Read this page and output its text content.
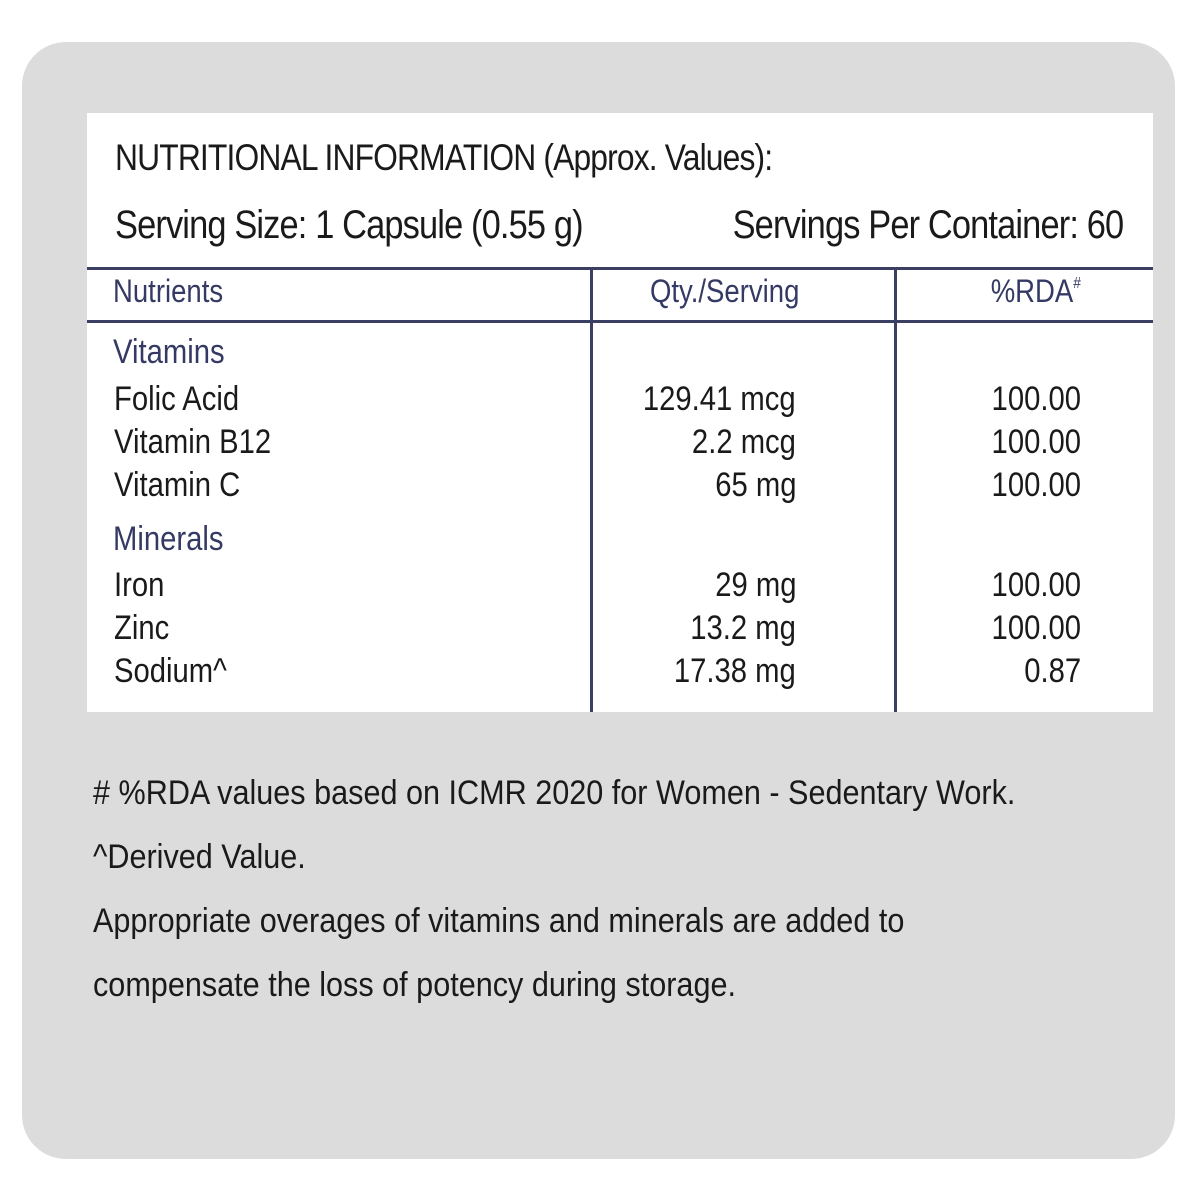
NUTRITIONAL INFORMATION (Approx. Values):
Serving Size: 1 Capsule (0.55 g)	Servings Per Container: 60
Nutrients	Qty./Serving	%RDA#
Vitamins
Folic Acid	129.41 mcg	100.00
Vitamin B12	2.2 mcg	100.00
Vitamin C	65 mg	100.00
Minerals
Iron	29 mg	100.00
Zinc	13.2 mg	100.00
Sodium^	17.38 mg	0.87
# %RDA values based on ICMR 2020 for Women - Sedentary Work.
^Derived Value.
Appropriate overages of vitamins and minerals are added to
compensate the loss of potency during storage.
